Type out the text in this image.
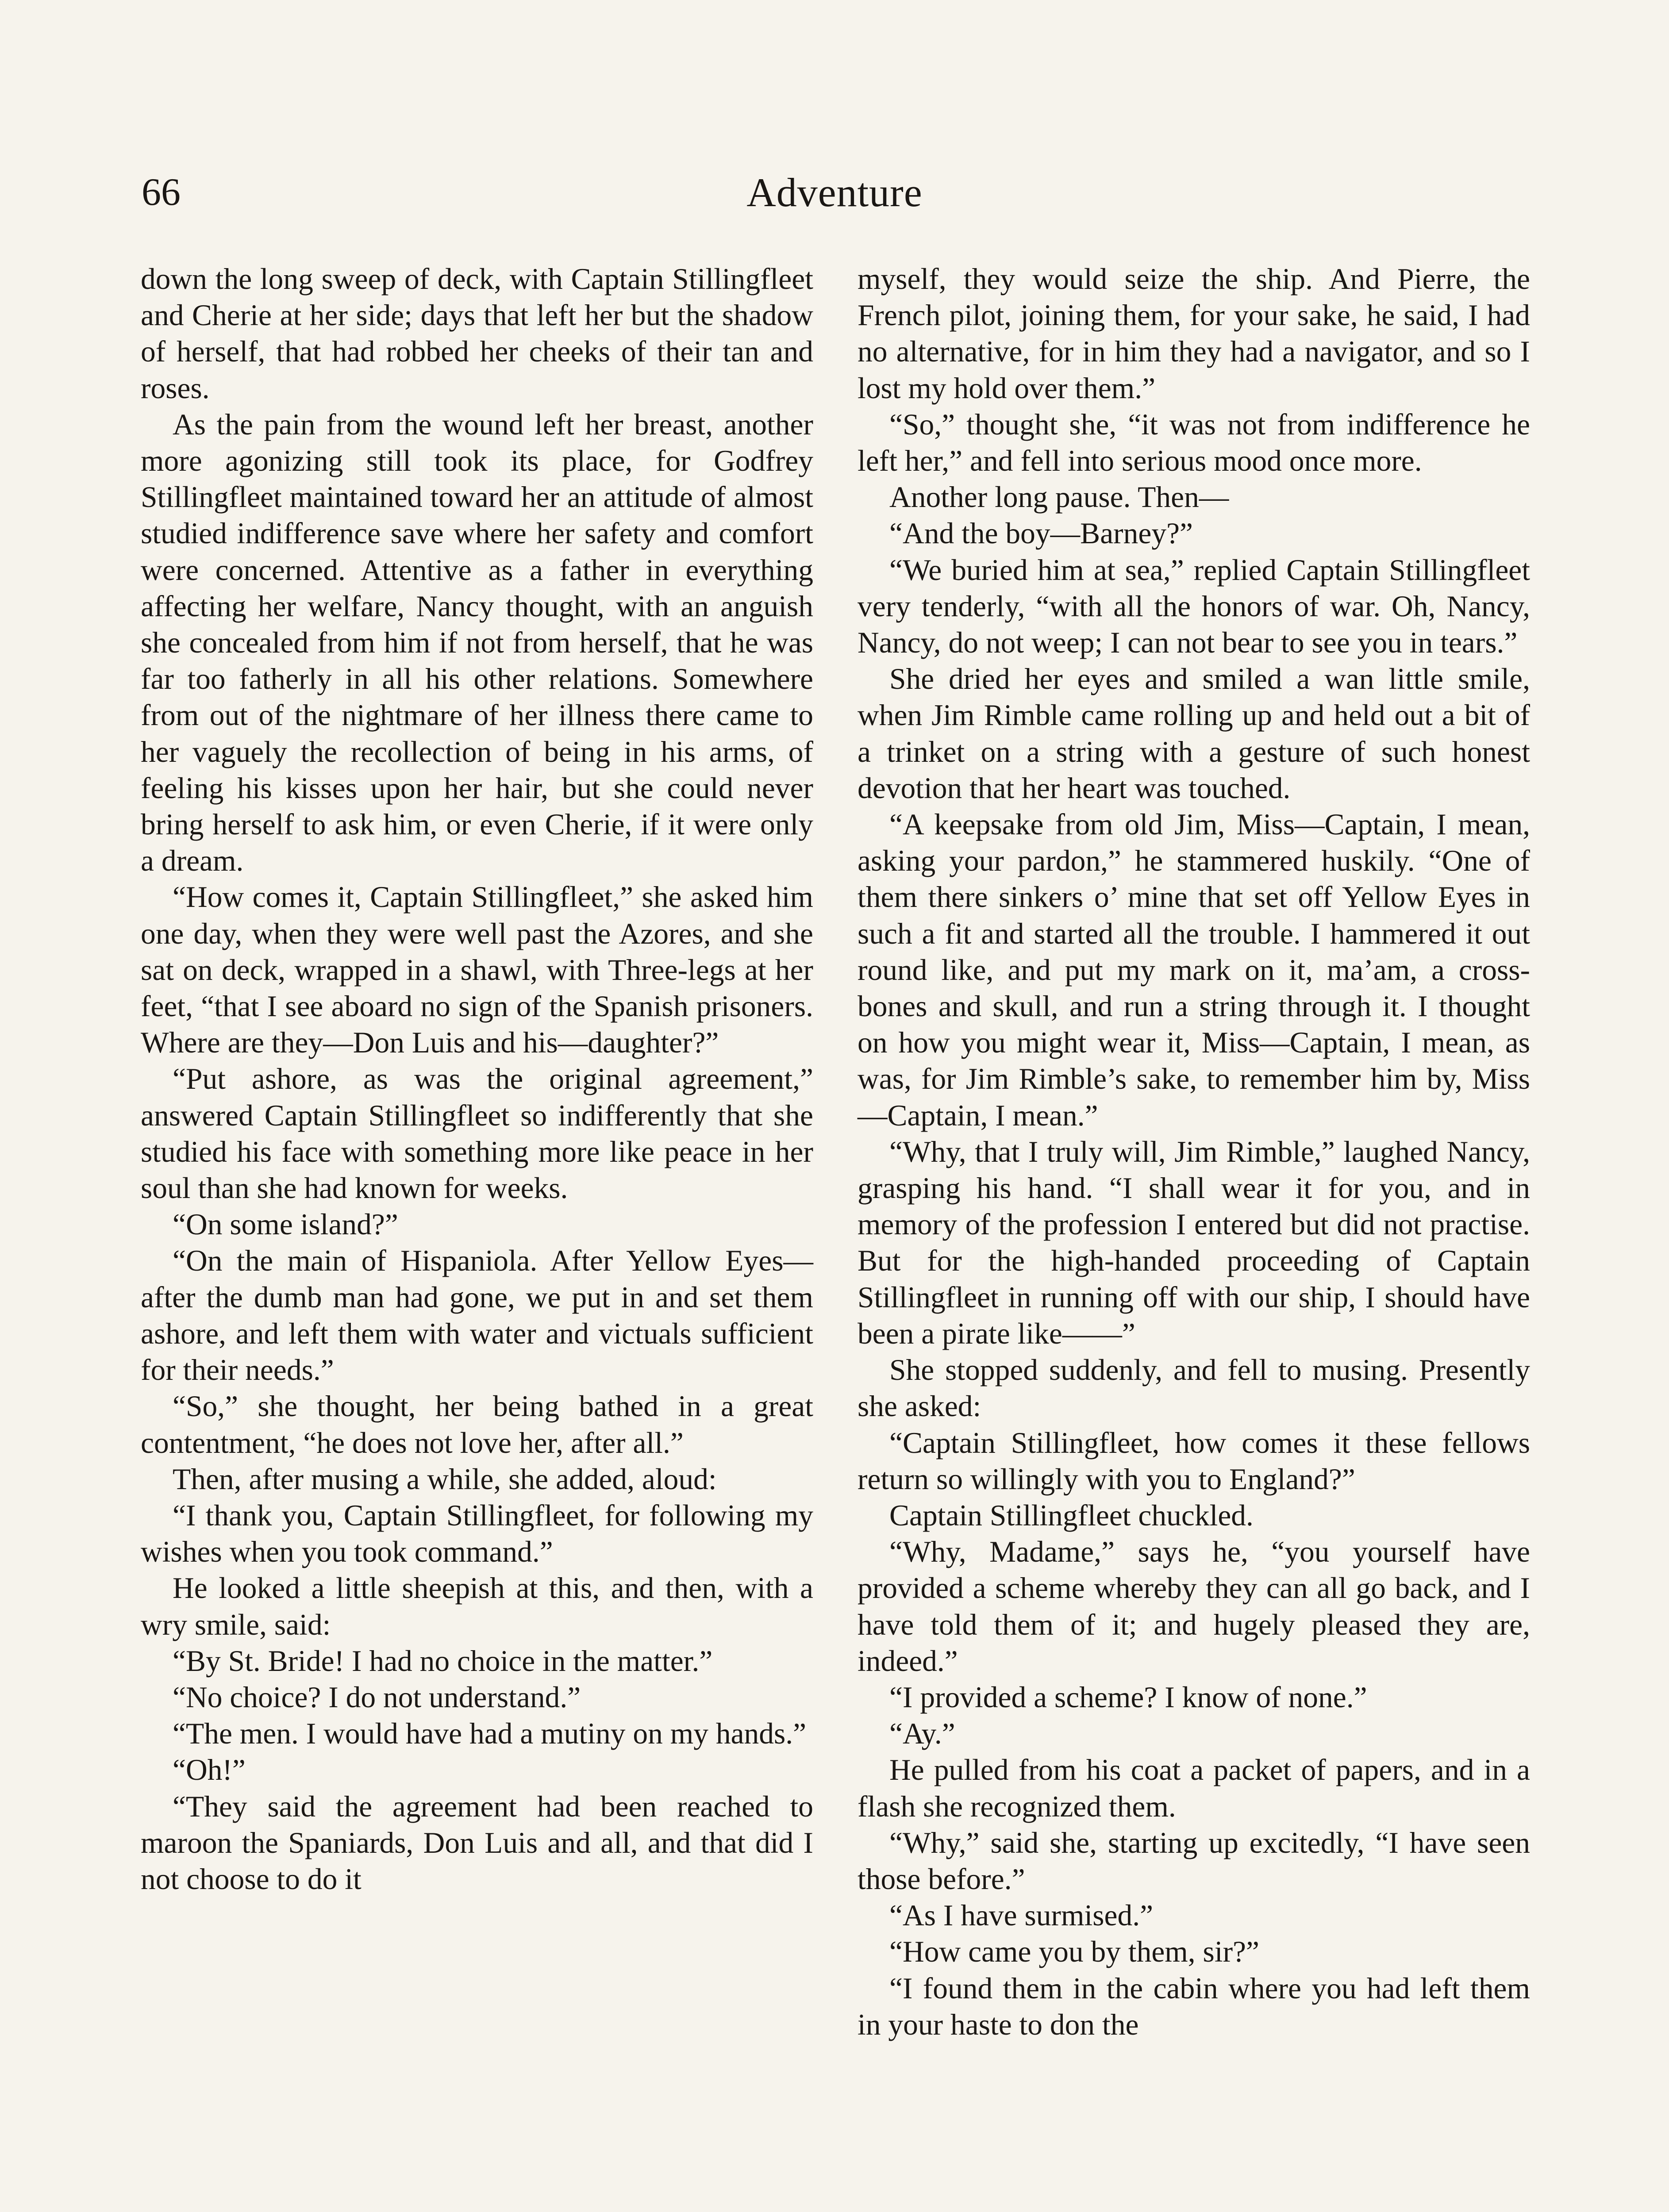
66	Adventure

down the long sweep of deck, with Captain Stillingfleet and Cherie at her side; days that left her but the shadow of herself, that had robbed her cheeks of their tan and roses.

As the pain from the wound left her breast, another more agonizing still took its place, for Godfrey Stillingfleet maintained toward her an attitude of almost studied indifference save where her safety and comfort were concerned. Attentive as a father in everything affecting her welfare, Nancy thought, with an anguish she concealed from him if not from herself, that he was far too fatherly in all his other relations. Somewhere from out of the nightmare of her illness there came to her vaguely the recollection of being in his arms, of feeling his kisses upon her hair, but she could never bring herself to ask him, or even Cherie, if it were only a dream.

“How comes it, Captain Stillingfleet,” she asked him one day, when they were well past the Azores, and she sat on deck, wrapped in a shawl, with Three-legs at her feet, “that I see aboard no sign of the Spanish prisoners. Where are they—Don Luis and his—daughter?”

“Put ashore, as was the original agreement,” answered Captain Stillingfleet so indifferently that she studied his face with something more like peace in her soul than she had known for weeks.

“On some island?”

“On the main of Hispaniola. After Yellow Eyes—after the dumb man had gone, we put in and set them ashore, and left them with water and victuals sufficient for their needs.”

“So,” she thought, her being bathed in a great contentment, “he does not love her, after all.”

Then, after musing a while, she added, aloud:

“I thank you, Captain Stillingfleet, for following my wishes when you took command.”

He looked a little sheepish at this, and then, with a wry smile, said:

“By St. Bride! I had no choice in the matter.”

“No choice? I do not understand.”

“The men. I would have had a mutiny on my hands.”

“Oh!”

“They said the agreement had been reached to maroon the Spaniards, Don Luis and all, and that did I not choose to do it

myself, they would seize the ship. And Pierre, the French pilot, joining them, for your sake, he said, I had no alternative, for in him they had a navigator, and so I lost my hold over them.”

“So,” thought she, “it was not from indifference he left her,” and fell into serious mood once more.

Another long pause. Then—

“And the boy—Barney?”

“We buried him at sea,” replied Captain Stillingfleet very tenderly, “with all the honors of war. Oh, Nancy, Nancy, do not weep; I can not bear to see you in tears.”

She dried her eyes and smiled a wan little smile, when Jim Rimble came rolling up and held out a bit of a trinket on a string with a gesture of such honest devotion that her heart was touched.

“A keepsake from old Jim, Miss—Captain, I mean, asking your pardon,” he stammered huskily. “One of them there sinkers o’ mine that set off Yellow Eyes in such a fit and started all the trouble. I hammered it out round like, and put my mark on it, ma’am, a cross-bones and skull, and run a string through it. I thought on how you might wear it, Miss—Captain, I mean, as was, for Jim Rimble’s sake, to remember him by, Miss—Captain, I mean.”

“Why, that I truly will, Jim Rimble,” laughed Nancy, grasping his hand. “I shall wear it for you, and in memory of the profession I entered but did not practise. But for the high-handed proceeding of Captain Stillingfleet in running off with our ship, I should have been a pirate like——”

She stopped suddenly, and fell to musing. Presently she asked:

“Captain Stillingfleet, how comes it these fellows return so willingly with you to England?”

Captain Stillingfleet chuckled.

“Why, Madame,” says he, “you yourself have provided a scheme whereby they can all go back, and I have told them of it; and hugely pleased they are, indeed.”

“I provided a scheme? I know of none.”

“Ay.”

He pulled from his coat a packet of papers, and in a flash she recognized them.

“Why,” said she, starting up excitedly, “I have seen those before.”

“As I have surmised.”

“How came you by them, sir?”

“I found them in the cabin where you had left them in your haste to don the
